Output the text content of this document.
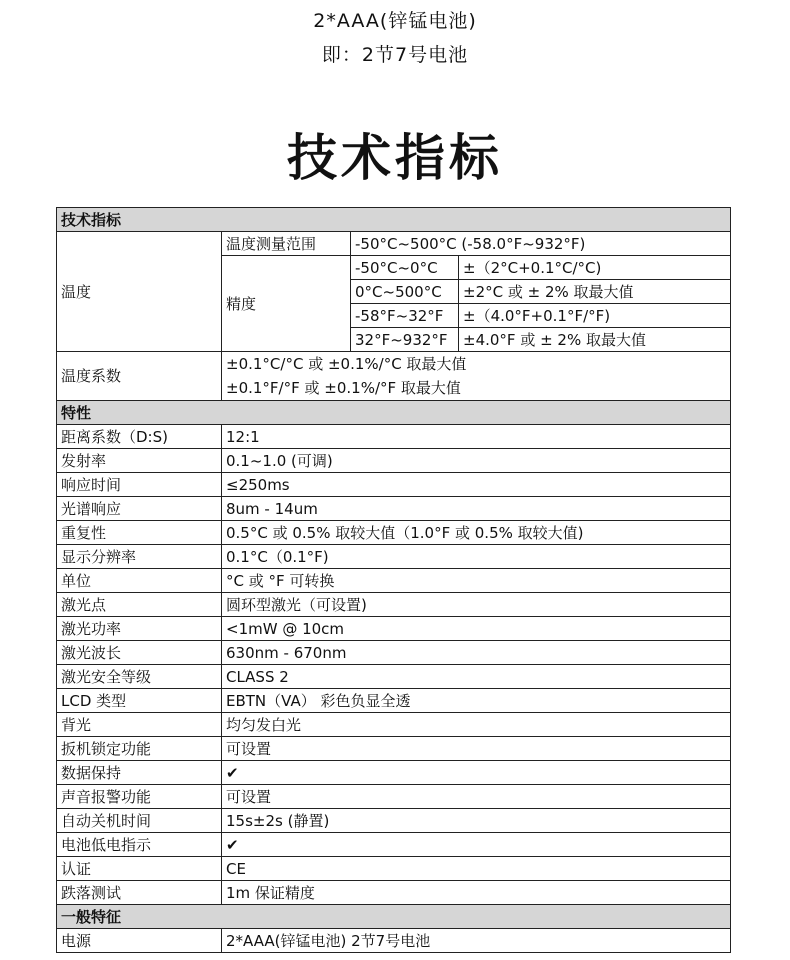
2*AAA(锌锰电池)
即：2节7号电池
技术指标
技术指标			
温度	温度测量范围	-50°C~500°C (-58.0°F~932°F)	
	精度	-50°C~0°C	±（2°C+0.1°C/°C)
		0°C~500°C	±2°C 或 ± 2% 取最大值
		-58°F~32°F	±（4.0°F+0.1°F/°F)
		32°F~932°F	±4.0°F 或 ± 2% 取最大值
温度系数	±0.1°C/°C 或 ±0.1%/°C 取最大值
±0.1°F/°F 或 ±0.1%/°F 取最大值		

特性			
距离系数（D:S)	12:1		
发射率	0.1~1.0 (可调)		
响应时间	≤250ms		
光谱响应	8um - 14um		
重复性	0.5°C 或 0.5% 取较大值（1.0°F 或 0.5% 取较大值)		
显示分辨率	0.1°C（0.1°F)		
单位	°C 或 °F 可转换		
激光点	圆环型激光（可设置)		
激光功率	<1mW @ 10cm		
激光波长	630nm - 670nm		
激光安全等级	CLASS 2		
LCD 类型	EBTN（VA） 彩色负显全透		
背光	均匀发白光		
扳机锁定功能	可设置		
数据保持	✔		
声音报警功能	可设置		
自动关机时间	15s±2s (静置)		
电池低电指示	✔		
认证	CE		
跌落测试	1m 保证精度		
一般特征			
电源	2*AAA(锌锰电池) 2节7号电池		
